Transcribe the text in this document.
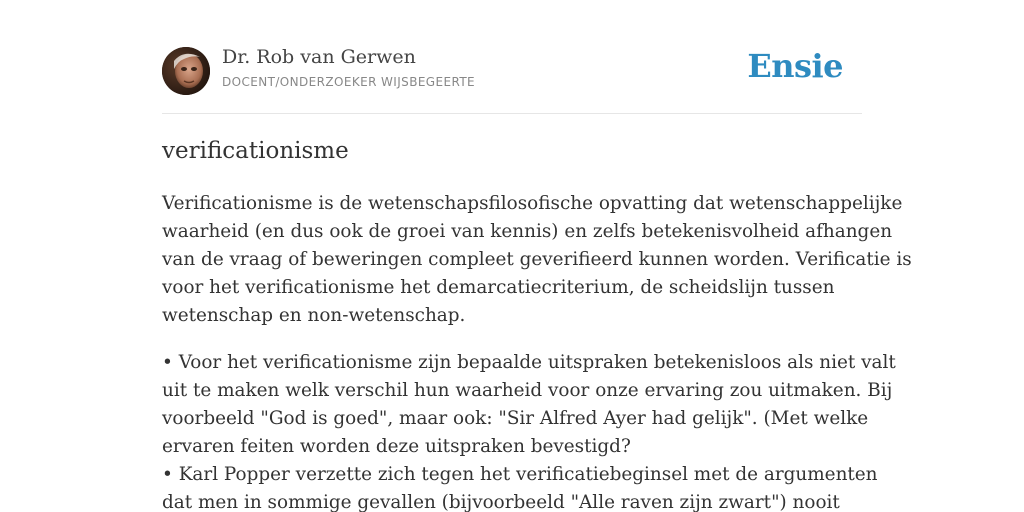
Dr. Rob van Gerwen
DOCENT/ONDERZOEKER WIJSBEGEERTE	Ensie
verificationisme

Verificationisme is de wetenschapsfilosofische opvatting dat wetenschappelijke
waarheid (en dus ook de groei van kennis) en zelfs betekenisvolheid afhangen
van de vraag of beweringen compleet geverifieerd kunnen worden. Verificatie is
voor het verificationisme het demarcatiecriterium, de scheidslijn tussen
wetenschap en non-wetenschap.

• Voor het verificationisme zijn bepaalde uitspraken betekenisloos als niet valt
uit te maken welk verschil hun waarheid voor onze ervaring zou uitmaken. Bij
voorbeeld "God is goed", maar ook: "Sir Alfred Ayer had gelijk". (Met welke
ervaren feiten worden deze uitspraken bevestigd?
• Karl Popper verzette zich tegen het verificatiebeginsel met de argumenten
dat men in sommige gevallen (bijvoorbeeld "Alle raven zijn zwart") nooit
